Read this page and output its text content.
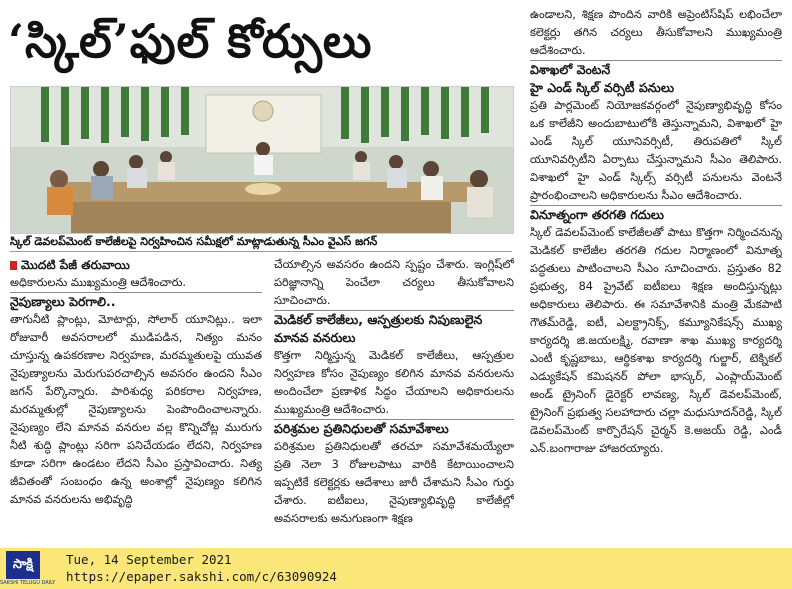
‘స్కిల్’ఫుల్ కోర్సులు
స్కిల్ డెవలప్‌మెంట్ కాలేజీలపై నిర్వహించిన సమీక్షలో మాట్లాడుతున్న సీఎం వైఎస్ జగన్
మొదటి పేజీ తరువాయి

అధికారులను ముఖ్యమంత్రి ఆదేశించారు.

నైపుణ్యాలు పెరగాలి..

తాగునీటి ప్లాంట్లు, మోటార్లు, సోలార్ యూనిట్లు.. ఇలా రోజువారీ అవసరాలలో ముడిపడిన, నిత్యం మనం చూస్తున్న ఉపకరణాల నిర్వహణ, మరమ్మతులపై యువత నైపుణ్యాలను మెరుగుపరచాల్సిన అవసరం ఉందని సీఎం జగన్ పేర్కొన్నారు. పారిశుధ్య పరికరాల నిర్వహణ, మరమ్మతుల్లో నైపుణ్యాలను పెంపొందించాలన్నారు. నైపుణ్యం లేని మానవ వనరుల వల్ల కొన్నిచోట్ల మురుగు నీటి శుద్ధి ప్లాంట్లు సరిగా పనిచేయడం లేదని, నిర్వహణ కూడా సరిగా ఉండటం లేదని సీఎం ప్రస్తావించారు. నిత్య జీవితంతో సంబంధం ఉన్న అంశాల్లో నైపుణ్యం కలిగిన మానవ వనరులను అభివృద్ధి

చేయాల్సిన అవసరం ఉందని స్పష్టం చేశారు. ఇంగ్లిష్‌లో పరిజ్ఞానాన్ని పెంచేలా చర్యలు తీసుకోవాలని సూచించారు.

మెడికల్ కాలేజీలు, ఆస్పత్రులకు నిపుణులైన మానవ వనరులు

కొత్తగా నిర్మిస్తున్న మెడికల్ కాలేజీలు, ఆస్పత్రుల నిర్వహణ కోసం నైపుణ్యం కలిగిన మానవ వనరులను అందించేలా ప్రణాళిక సిద్ధం చేయాలని అధికారులను ముఖ్యమంత్రి ఆదేశించారు.

పరిశ్రమల ప్రతినిధులతో సమావేశాలు

పరిశ్రమల ప్రతినిధులతో తరచూ సమావేశమయ్యేలా ప్రతి నెలా 3 రోజులపాటు వారికి కేటాయించాలని ఇప్పటికే కలెక్టర్లకు ఆదేశాలు జారీ చేశామని సీఎం గుర్తు చేశారు. ఐటీఐలు, నైపుణ్యాభివృద్ధి కాలేజీల్లో అవసరాలకు అనుగుణంగా శిక్షణ

ఉండాలని, శిక్షణ పొందిన వారికి అప్రెంటిస్‌షిప్ లభించేలా కలెక్టర్లు తగిన చర్యలు తీసుకోవాలని ముఖ్యమంత్రి ఆదేశించారు.

విశాఖలో వెంటనే
హై ఎండ్ స్కిల్ వర్సిటీ పనులు

ప్రతి పార్లమెంట్ నియోజకవర్గంలో నైపుణ్యాభివృద్ధి కోసం ఒక కాలేజీని అందుబాటులోకి తెస్తున్నామని, విశాఖలో హై ఎండ్ స్కిల్ యూనివర్సిటీ, తిరుపతిలో స్కిల్ యూనివర్సిటీని ఏర్పాటు చేస్తున్నామని సీఎం తెలిపారు. విశాఖలో హై ఎండ్ స్కిల్స్ వర్సిటీ పనులను వెంటనే ప్రారంభించాలని అధికారులను సీఎం ఆదేశించారు.

వినూత్నంగా తరగతి గదులు

స్కిల్ డెవలప్‌మెంట్ కాలేజీలతో పాటు కొత్తగా నిర్మించనున్న మెడికల్ కాలేజీల తరగతి గదుల నిర్మాణంలో వినూత్న పద్ధతులు పాటించాలని సీఎం సూచించారు. ప్రస్తుతం 82 ప్రభుత్వ, 84 ప్రైవేట్ ఐటీఐలు శిక్షణ అందిస్తున్నట్లు అధికారులు తెలిపారు. ఈ సమావేశానికి మంత్రి మేకపాటి గౌతమ్‌రెడ్డి, ఐటీ, ఎలక్ట్రానిక్స్, కమ్యూనికేషన్స్ ముఖ్య కార్యదర్శి జి.జయలక్ష్మి, రవాణా శాఖ ముఖ్య కార్యదర్శి ఎంటీ కృష్ణబాబు, ఆర్థికశాఖ కార్యదర్శి గుల్జార్, టెక్నికల్ ఎడ్యుకేషన్ కమిషనర్ పోలా భాస్కర్, ఎంప్లాయ్‌మెంట్ అండ్ ట్రైనింగ్ డైరెక్టర్ లావణ్య, స్కిల్ డెవలప్‌మెంట్, ట్రైనింగ్ ప్రభుత్వ సలహాదారు చల్లా మధుసూదన్‌రెడ్డి, స్కిల్ డెవలప్‌మెంట్ కార్పొరేషన్ చైర్మన్ కె.అజయ్ రెడ్డి, ఎండీ ఎన్.బంగారాజు హాజరయ్యారు.

సాక్షి
SAKSHI TELUGU DAILY
Tue, 14 September 2021
https://epaper.sakshi.com/c/63090924
